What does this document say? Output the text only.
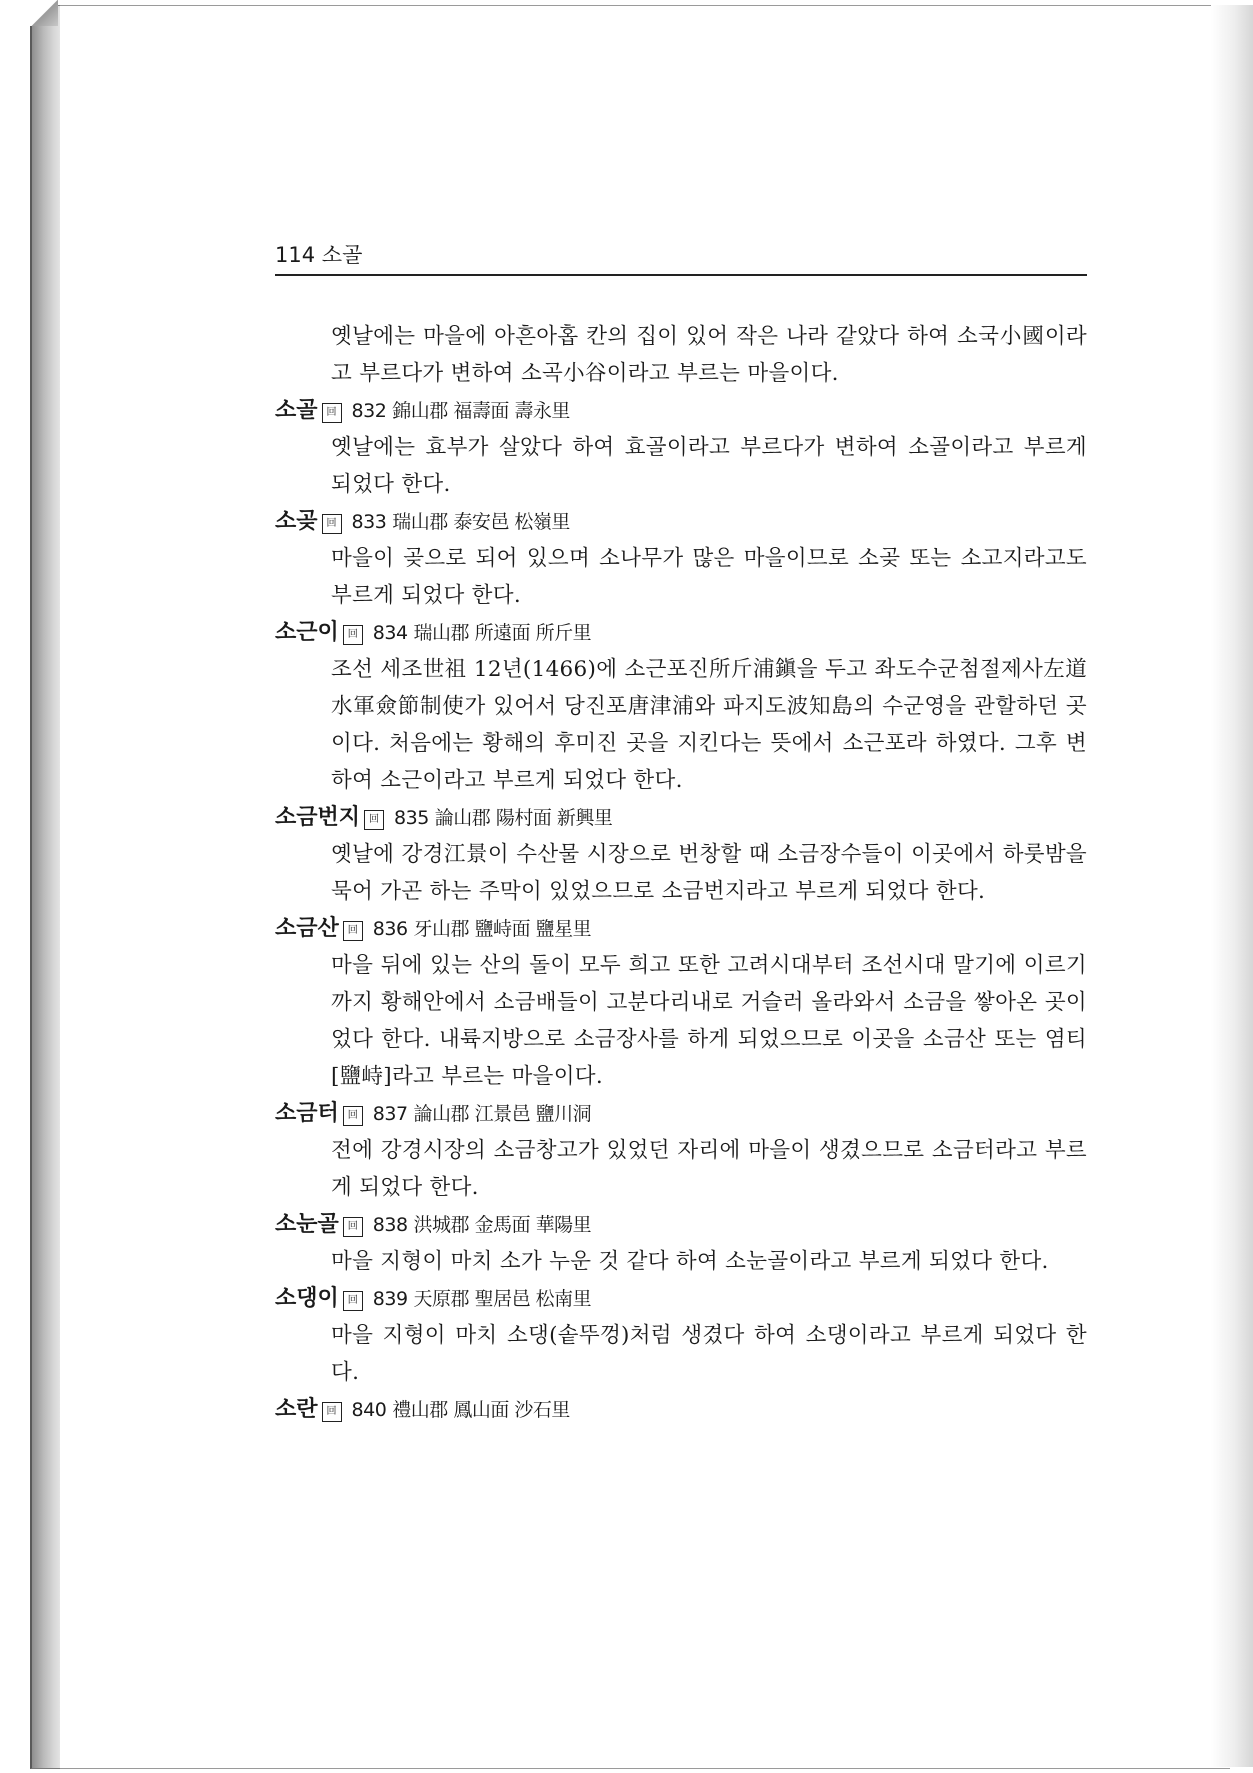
114 소골
옛날에는 마을에 아흔아홉 칸의 집이 있어 작은 나라 같았다 하여 소국小國이라고 부르다가 변하여 소곡小谷이라고 부르는 마을이다.
소골 回 832 錦山郡 福壽面 壽永里
옛날에는 효부가 살았다 하여 효골이라고 부르다가 변하여 소골이라고 부르게 되었다 한다.
소곶 回 833 瑞山郡 泰安邑 松嶺里
마을이 곶으로 되어 있으며 소나무가 많은 마을이므로 소곶 또는 소고지라고도 부르게 되었다 한다.
소근이 回 834 瑞山郡 所遠面 所斤里
조선 세조世祖 12년(1466)에 소근포진所斤浦鎭을 두고 좌도수군첨절제사左道水軍僉節制使가 있어서 당진포唐津浦와 파지도波知島의 수군영을 관할하던 곳이다. 처음에는 황해의 후미진 곳을 지킨다는 뜻에서 소근포라 하였다. 그후 변하여 소근이라고 부르게 되었다 한다.
소금번지 回 835 論山郡 陽村面 新興里
옛날에 강경江景이 수산물 시장으로 번창할 때 소금장수들이 이곳에서 하룻밤을 묵어 가곤 하는 주막이 있었으므로 소금번지라고 부르게 되었다 한다.
소금산 回 836 牙山郡 鹽峙面 鹽星里
마을 뒤에 있는 산의 돌이 모두 희고 또한 고려시대부터 조선시대 말기에 이르기까지 황해안에서 소금배들이 고분다리내로 거슬러 올라와서 소금을 쌓아온 곳이었다 한다. 내륙지방으로 소금장사를 하게 되었으므로 이곳을 소금산 또는 염티[鹽峙]라고 부르는 마을이다.
소금터 回 837 論山郡 江景邑 鹽川洞
전에 강경시장의 소금창고가 있었던 자리에 마을이 생겼으므로 소금터라고 부르게 되었다 한다.
소눈골 回 838 洪城郡 金馬面 華陽里
마을 지형이 마치 소가 누운 것 같다 하여 소눈골이라고 부르게 되었다 한다.
소댕이 回 839 天原郡 聖居邑 松南里
마을 지형이 마치 소댕(솥뚜껑)처럼 생겼다 하여 소댕이라고 부르게 되었다 한다.
소란 回 840 禮山郡 鳳山面 沙石里
